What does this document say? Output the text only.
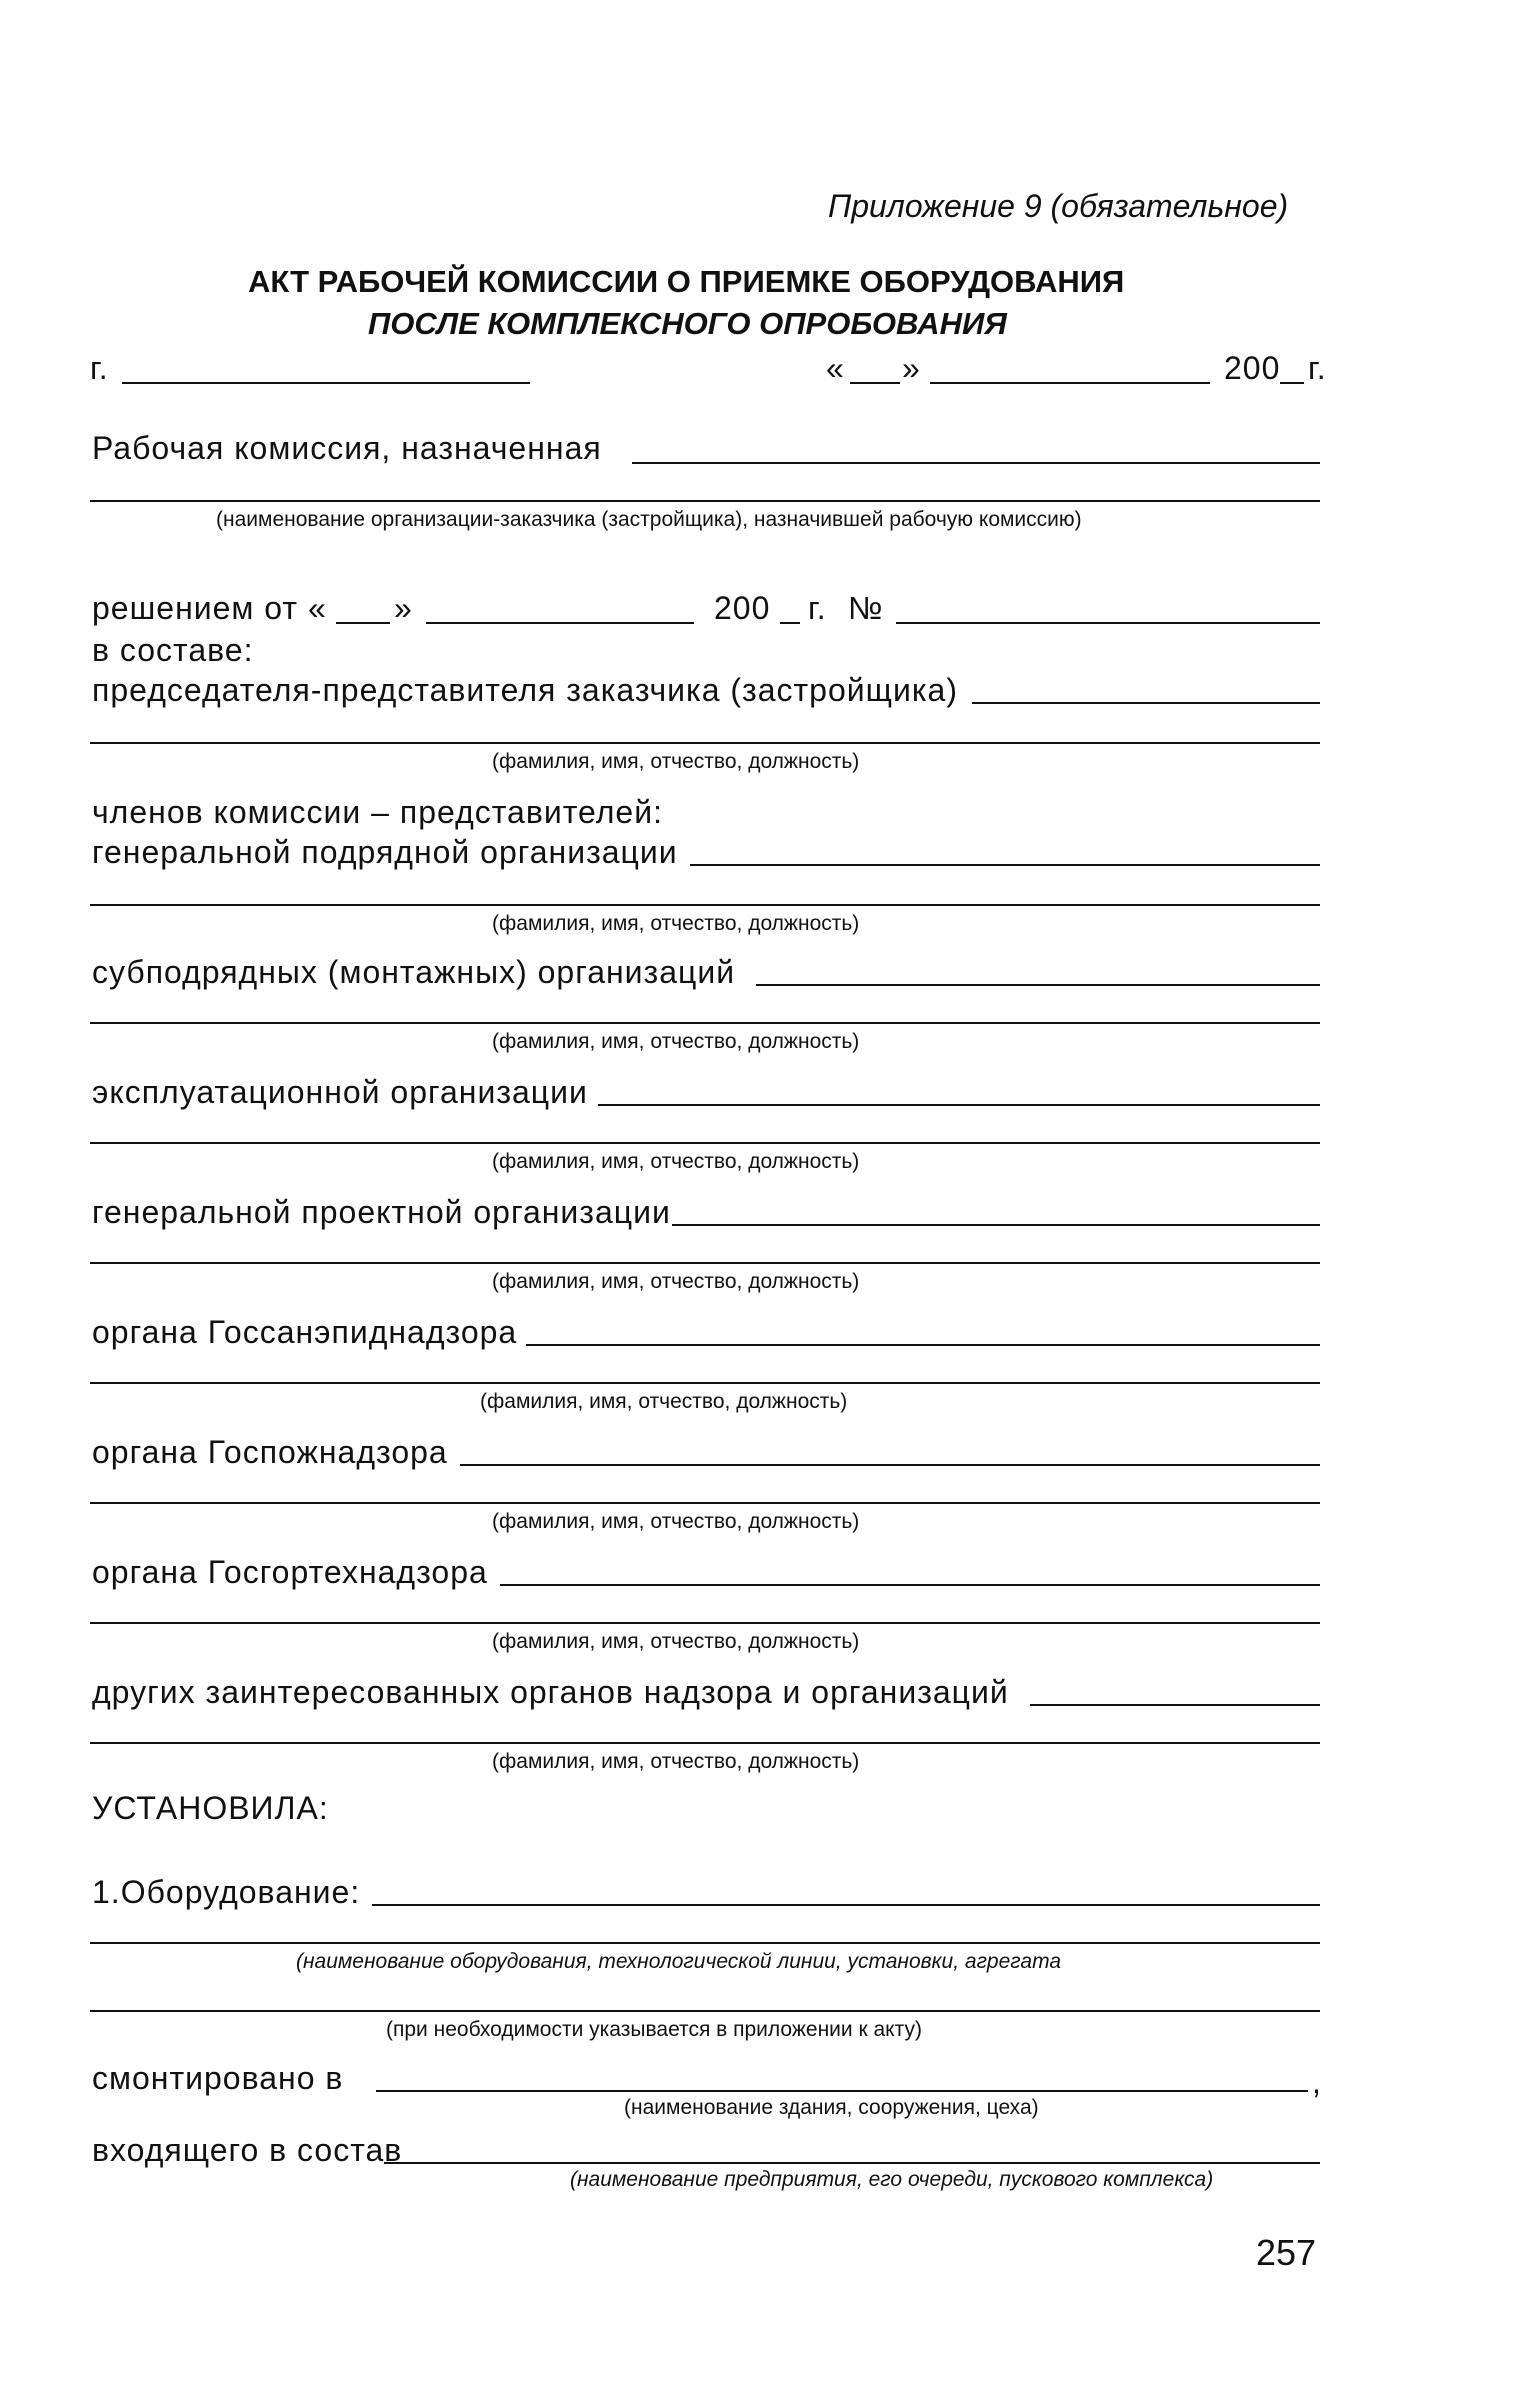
Приложение 9 (обязательное)
АКТ РАБОЧЕЙ КОМИССИИ О ПРИЕМКЕ ОБОРУДОВАНИЯ
ПОСЛЕ КОМПЛЕКСНОГО ОПРОБОВАНИЯ
г.	« »	200 г.
Рабочая комиссия, назначенная
(наименование организации-заказчика (застройщика), назначившей рабочую комиссию)
решением от « »	200 г. №
в составе:
председателя-представителя заказчика (застройщика)
(фамилия, имя, отчество, должность)
членов комиссии – представителей:
генеральной подрядной организации
(фамилия, имя, отчество, должность)
субподрядных (монтажных) организаций
(фамилия, имя, отчество, должность)
эксплуатационной организации
(фамилия, имя, отчество, должность)
генеральной проектной организации
(фамилия, имя, отчество, должность)
органа Госсанэпиднадзора
(фамилия, имя, отчество, должность)
органа Госпожнадзора
(фамилия, имя, отчество, должность)
органа Госгортехнадзора
(фамилия, имя, отчество, должность)
других заинтересованных органов надзора и организаций
(фамилия, имя, отчество, должность)
УСТАНОВИЛА:
1.Оборудование:
(наименование оборудования, технологической линии, установки, агрегата
(при необходимости указывается в приложении к акту)
смонтировано в	,
(наименование здания, сооружения, цеха)
входящего в состав
(наименование предприятия, его очереди, пускового комплекса)
257
